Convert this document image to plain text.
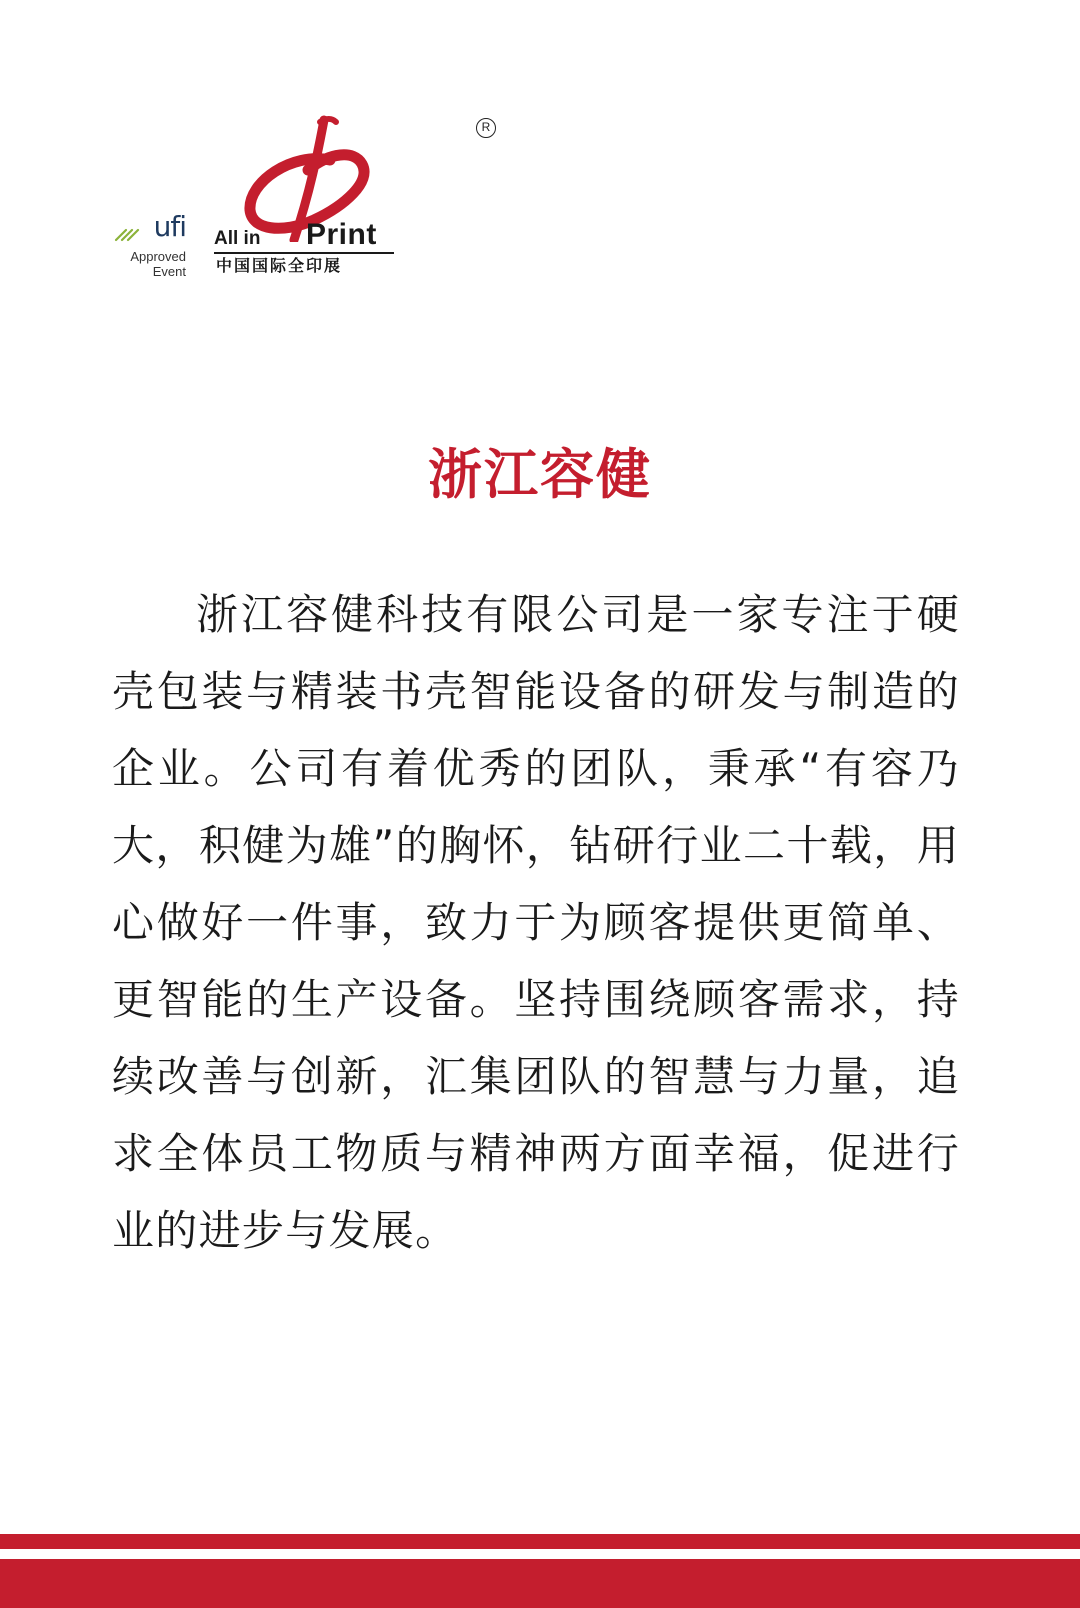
ufi
Approved
Event
All in Print
中国国际全印展
R
浙江容健

浙江容健科技有限公司是一家专注于硬壳包装与精装书壳智能设备的研发与制造的企业。公司有着优秀的团队，秉承“有容乃大，积健为雄”的胸怀，钻研行业二十载，用心做好一件事，致力于为顾客提供更简单、更智能的生产设备。坚持围绕顾客需求，持续改善与创新，汇集团队的智慧与力量，追求全体员工物质与精神两方面幸福，促进行业的进步与发展。
